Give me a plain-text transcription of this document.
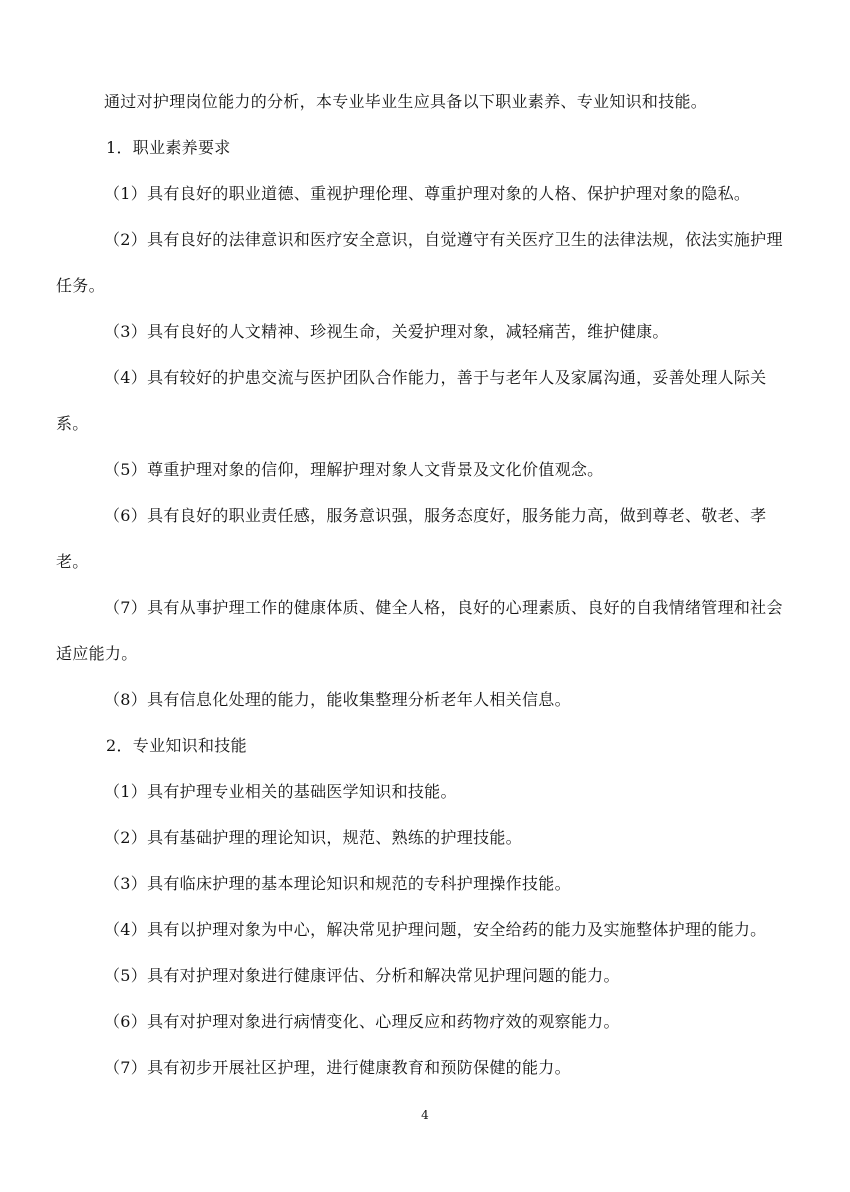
通过对护理岗位能力的分析，本专业毕业生应具备以下职业素养、专业知识和技能。

1．职业素养要求

（1）具有良好的职业道德、重视护理伦理、尊重护理对象的人格、保护护理对象的隐私。

（2）具有良好的法律意识和医疗安全意识，自觉遵守有关医疗卫生的法律法规，依法实施护理任务。

（3）具有良好的人文精神、珍视生命，关爱护理对象，减轻痛苦，维护健康。

（4）具有较好的护患交流与医护团队合作能力，善于与老年人及家属沟通，妥善处理人际关系。

（5）尊重护理对象的信仰，理解护理对象人文背景及文化价值观念。

（6）具有良好的职业责任感，服务意识强，服务态度好，服务能力高，做到尊老、敬老、孝老。

（7）具有从事护理工作的健康体质、健全人格，良好的心理素质、良好的自我情绪管理和社会适应能力。

（8）具有信息化处理的能力，能收集整理分析老年人相关信息。

2．专业知识和技能

（1）具有护理专业相关的基础医学知识和技能。

（2）具有基础护理的理论知识，规范、熟练的护理技能。

（3）具有临床护理的基本理论知识和规范的专科护理操作技能。

（4）具有以护理对象为中心，解决常见护理问题，安全给药的能力及实施整体护理的能力。

（5）具有对护理对象进行健康评估、分析和解决常见护理问题的能力。

（6）具有对护理对象进行病情变化、心理反应和药物疗效的观察能力。

（7）具有初步开展社区护理，进行健康教育和预防保健的能力。

4
